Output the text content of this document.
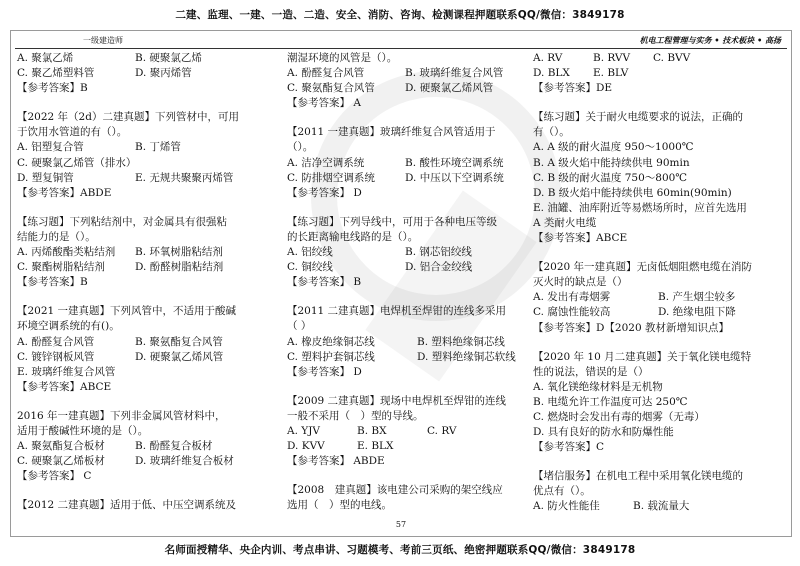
二建、监理、一建、一造、二造、安全、消防、咨询、检测课程押题联系QQ/微信：3849178
一级建造师	机电工程管理与实务 • 技术板块 • 高扬
A. 聚氯乙烯	B. 硬聚氯乙烯
C. 聚乙烯塑料管	D. 聚丙烯管
【参考答案】B
【2022 年（2d）二建真题】下列管材中，可用
于饮用水管道的有（）。
A. 铝塑复合管	B. 丁烯管
C. 硬聚氯乙烯管（排水）
D. 塑复铜管	E. 无规共聚聚丙烯管
【参考答案】ABDE
【练习题】下列粘结剂中，对金属具有很强粘
结能力的是（）。
A. 丙烯酸酯类粘结剂	B. 环氧树脂粘结剂
C. 聚酯树脂粘结剂	D. 酚醛树脂粘结剂
【参考答案】B
【2021 一建真题】下列风管中，不适用于酸碱
环境空调系统的有()。
A. 酚醛复合风管	B. 聚氨酯复合风管
C. 镀锌钢板风管	D. 硬聚氯乙烯风管
E. 玻璃纤维复合风管
【参考答案】ABCE
2016 年一建真题】下列非金属风管材料中，
适用于酸碱性环境的是（）。
A. 聚氨酯复合板材	B. 酚醛复合板材
C. 硬聚氯乙烯板材	D. 玻璃纤维复合板材
【参考答案】 C
【2012 二建真题】适用于低、中压空调系统及
潮湿环境的风管是（）。
A. 酚醛复合风管	B. 玻璃纤维复合风管
C. 聚氨酯复合风管	D. 硬聚氯乙烯风管
【参考答案】 A
【2011 一建真题】玻璃纤维复合风管适用于
（）。
A. 洁净空调系统	B. 酸性环境空调系统
C. 防排烟空调系统	D. 中压以下空调系统
【参考答案】 D
【练习题】下列导线中，可用于各种电压等级
的长距离输电线路的是（）。
A. 铝绞线	B. 钢芯铝绞线
C. 铜绞线	D. 铝合金绞线
【参考答案】 B
【2011 二建真题】电焊机至焊钳的连线多采用
（ ）
A. 橡皮绝缘铜芯线	B. 塑料绝缘铜芯线
C. 塑料护套铜芯线	D. 塑料绝缘铜芯软线
【参考答案】 D
【2009 二建真题】现场中电焊机至焊钳的连线
一般不采用（　）型的导线。
A. YJV	B. BX	C. RV
D. KVV	E. BLX
【参考答案】 ABDE
【2008　建真题】该电建公司采购的架空线应
选用（　）型的电线。
A. RV	B. RVV	C. BVV
D. BLX	E. BLV
【参考答案】DE
【练习题】关于耐火电缆要求的说法，正确的
有（）。
A. A 级的耐火温度 950～1000℃
B. A 级火焰中能持续供电 90min
C. B 级的耐火温度 750～800℃
D. B 级火焰中能持续供电 60min(90min)
E. 油罐、油库附近等易燃场所时，应首先选用
A 类耐火电缆
【参考答案】ABCE
【2020 年一建真题】无卤低烟阻燃电缆在消防
灭火时的缺点是（）
A. 发出有毒烟雾	B. 产生烟尘较多
C. 腐蚀性能较高	D. 绝缘电阻下降
【参考答案】D【2020 教材新增知识点】
【2020 年 10 月二建真题】关于氧化镁电缆特
性的说法，错误的是（）
A. 氧化镁绝缘材料是无机物
B. 电缆允许工作温度可达 250℃
C. 燃烧时会发出有毒的烟雾（无毒）
D. 具有良好的防水和防爆性能
【参考答案】C
【堵信服务】在机电工程中采用氧化镁电缆的
优点有（）。
A. 防火性能佳	B. 载流量大
57
名师面授精华、央企内训、考点串讲、习题模考、考前三页纸、绝密押题联系QQ/微信：3849178
